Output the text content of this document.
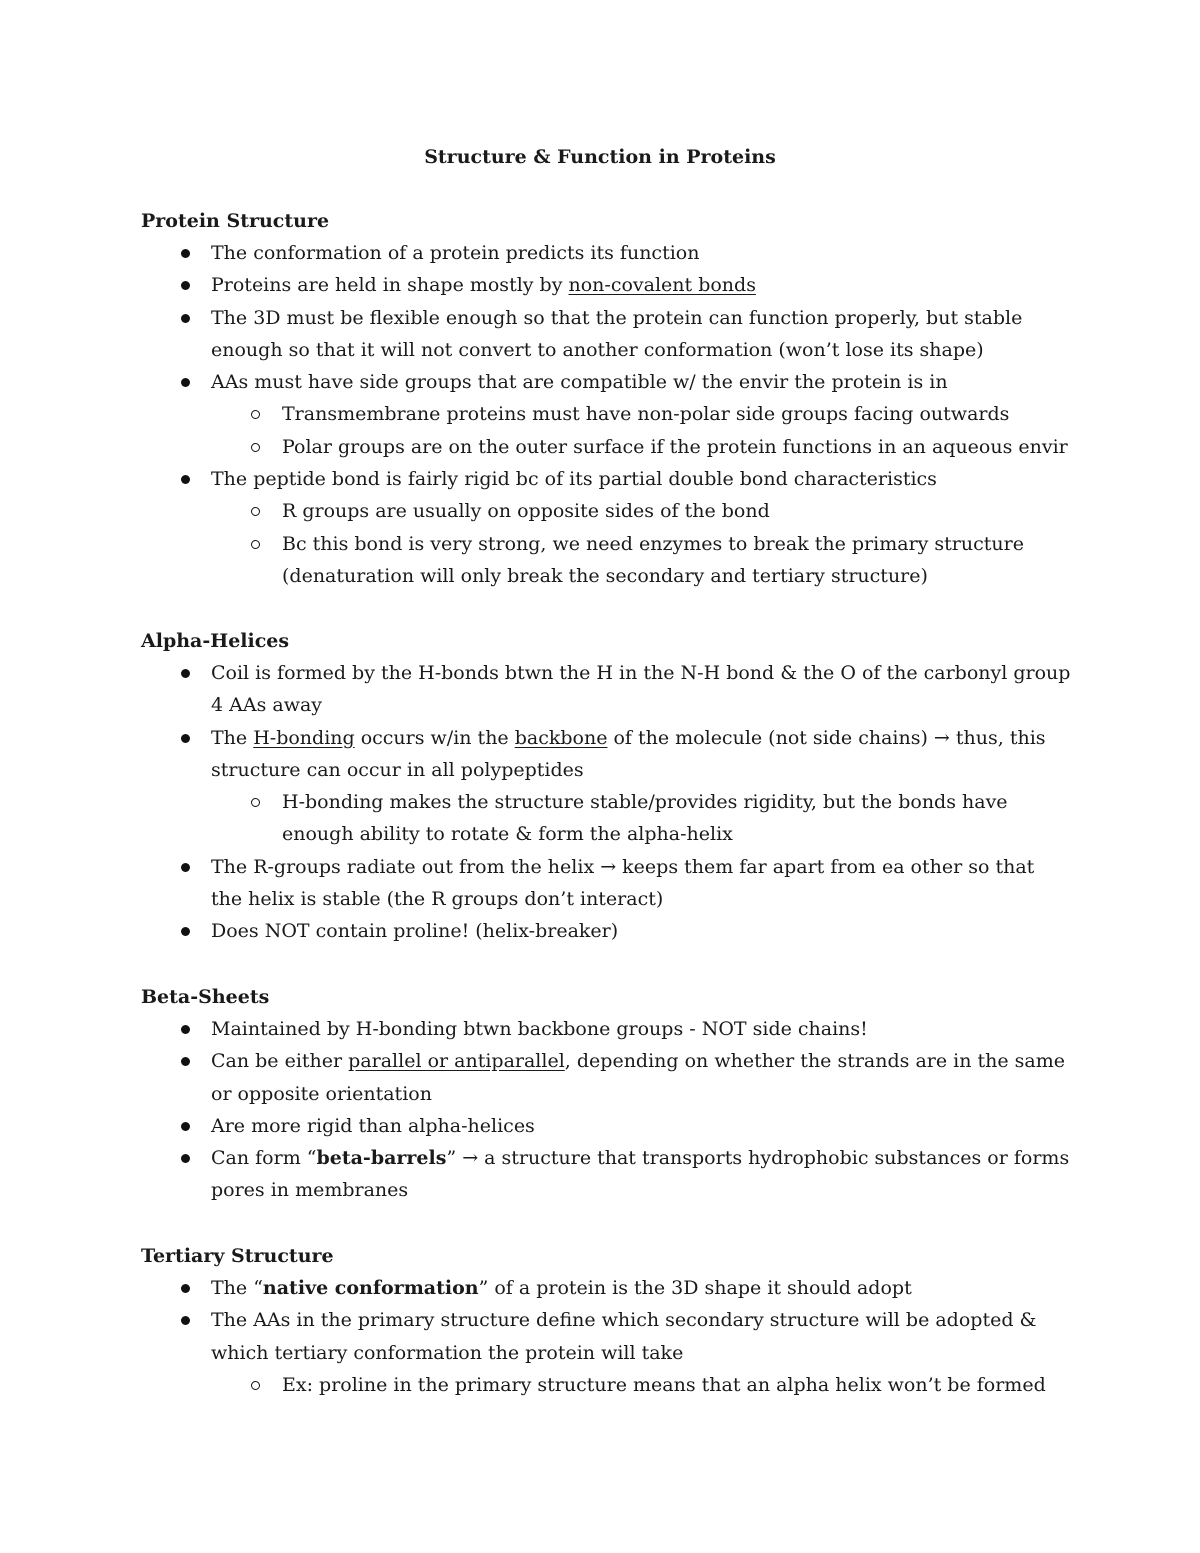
Structure & Function in Proteins
Protein Structure
The conformation of a protein predicts its function
Proteins are held in shape mostly by non-covalent bonds
The 3D must be flexible enough so that the protein can function properly, but stable enough so that it will not convert to another conformation (won’t lose its shape)
AAs must have side groups that are compatible w/ the envir the protein is in
Transmembrane proteins must have non-polar side groups facing outwards
Polar groups are on the outer surface if the protein functions in an aqueous envir
The peptide bond is fairly rigid bc of its partial double bond characteristics
R groups are usually on opposite sides of the bond
Bc this bond is very strong, we need enzymes to break the primary structure (denaturation will only break the secondary and tertiary structure)
Alpha-Helices
Coil is formed by the H-bonds btwn the H in the N-H bond & the O of the carbonyl group 4 AAs away
The H-bonding occurs w/in the backbone of the molecule (not side chains) → thus, this structure can occur in all polypeptides
H-bonding makes the structure stable/provides rigidity, but the bonds have enough ability to rotate & form the alpha-helix
The R-groups radiate out from the helix → keeps them far apart from ea other so that the helix is stable (the R groups don’t interact)
Does NOT contain proline! (helix-breaker)
Beta-Sheets
Maintained by H-bonding btwn backbone groups - NOT side chains!
Can be either parallel or antiparallel, depending on whether the strands are in the same or opposite orientation
Are more rigid than alpha-helices
Can form “beta-barrels” → a structure that transports hydrophobic substances or forms pores in membranes
Tertiary Structure
The “native conformation” of a protein is the 3D shape it should adopt
The AAs in the primary structure define which secondary structure will be adopted & which tertiary conformation the protein will take
Ex: proline in the primary structure means that an alpha helix won’t be formed
